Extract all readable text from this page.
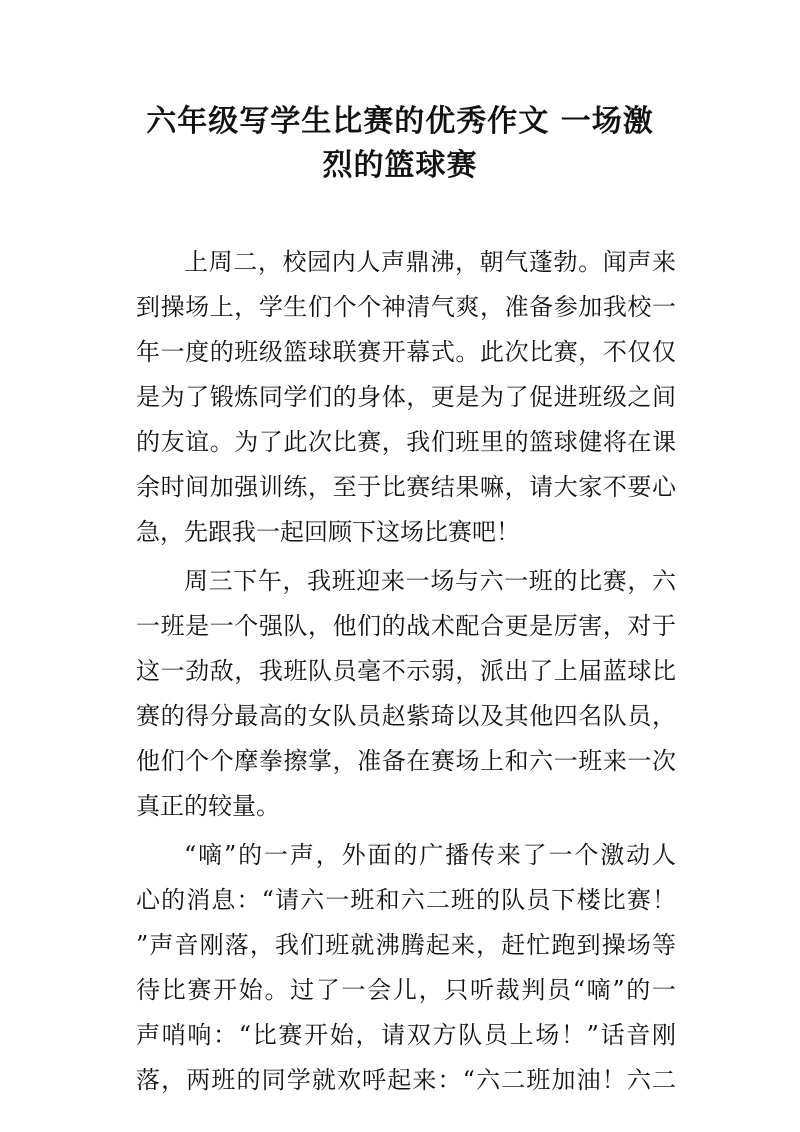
六年级写学生比赛的优秀作文 一场激
烈的篮球赛
上周二，校园内人声鼎沸，朝气蓬勃。闻声来
到操场上，学生们个个神清气爽，准备参加我校一
年一度的班级篮球联赛开幕式。此次比赛，不仅仅
是为了锻炼同学们的身体，更是为了促进班级之间
的友谊。为了此次比赛，我们班里的篮球健将在课
余时间加强训练，至于比赛结果嘛，请大家不要心
急，先跟我一起回顾下这场比赛吧！
周三下午，我班迎来一场与六一班的比赛，六
一班是一个强队，他们的战术配合更是厉害，对于
这一劲敌，我班队员毫不示弱，派出了上届蓝球比
赛的得分最高的女队员赵紫琦以及其他四名队员，
他们个个摩拳擦掌，准备在赛场上和六一班来一次
真正的较量。
“嘀”的一声，外面的广播传来了一个激动人
心的消息：“请六一班和六二班的队员下楼比赛！
”声音刚落，我们班就沸腾起来，赶忙跑到操场等
待比赛开始。过了一会儿，只听裁判员“嘀”的一
声哨响：“比赛开始，请双方队员上场！”话音刚
落，两班的同学就欢呼起来：“六二班加油！六二
